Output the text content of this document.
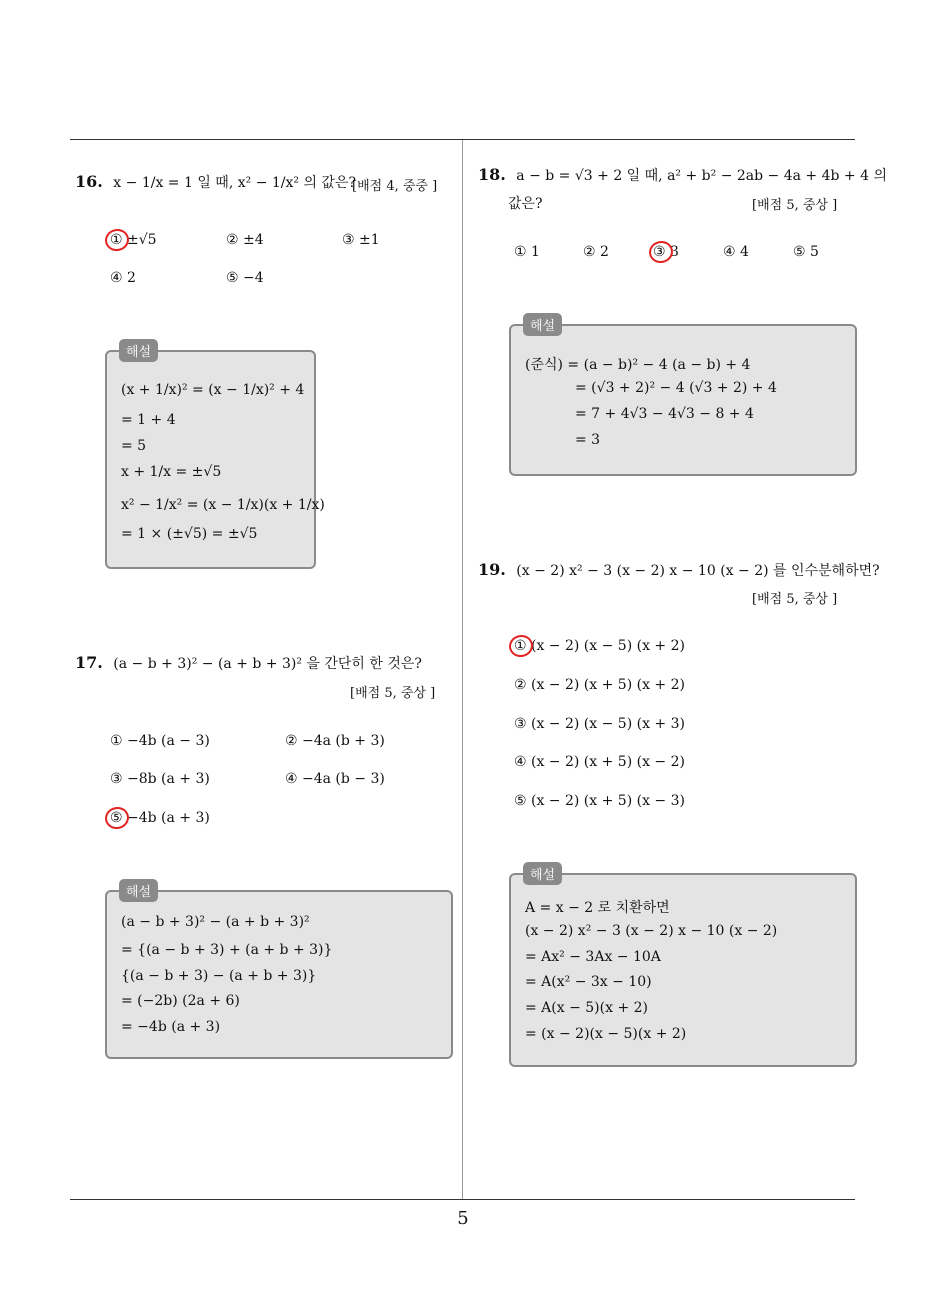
16. x − 1/x = 1 일 때, x² − 1/x² 의 값은?
[배점 4, 중중 ]
① ±√5	② ±4	③ ±1
④ 2	⑤ −4
해설
(x + 1/x)² = (x − 1/x)² + 4
= 1 + 4
= 5
x + 1/x = ±√5
x² − 1/x² = (x − 1/x)(x + 1/x)
= 1 × (±√5) = ±√5
17. (a − b + 3)² − (a + b + 3)² 을 간단히 한 것은?
[배점 5, 중상 ]
① −4b (a − 3)	② −4a (b + 3)
③ −8b (a + 3)	④ −4a (b − 3)
⑤ −4b (a + 3)
해설
(a − b + 3)² − (a + b + 3)²
= {(a − b + 3) + (a + b + 3)}
{(a − b + 3) − (a + b + 3)}
= (−2b) (2a + 6)
= −4b (a + 3)
18. a − b = √3 + 2 일 때, a² + b² − 2ab − 4a + 4b + 4 의
값은?	[배점 5, 중상 ]
① 1	② 2	③ 3	④ 4	⑤ 5
해설
(준식) = (a − b)² − 4 (a − b) + 4
= (√3 + 2)² − 4 (√3 + 2) + 4
= 7 + 4√3 − 4√3 − 8 + 4
= 3
19. (x − 2) x² − 3 (x − 2) x − 10 (x − 2) 를 인수분해하면?
[배점 5, 중상 ]
① (x − 2) (x − 5) (x + 2)
② (x − 2) (x + 5) (x + 2)
③ (x − 2) (x − 5) (x + 3)
④ (x − 2) (x + 5) (x − 2)
⑤ (x − 2) (x + 5) (x − 3)
해설
A = x − 2 로 치환하면
(x − 2) x² − 3 (x − 2) x − 10 (x − 2)
= Ax² − 3Ax − 10A
= A(x² − 3x − 10)
= A(x − 5)(x + 2)
= (x − 2)(x − 5)(x + 2)
5
